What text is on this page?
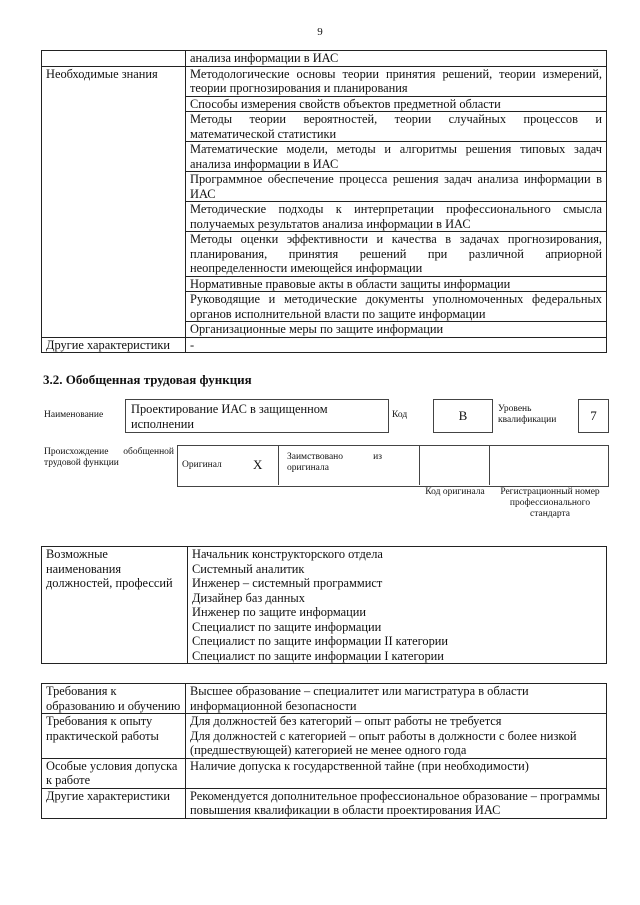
9
	анализа информации в ИАС
Необходимые знания	Методологические основы теории принятия решений, теории измерений, теории прогнозирования и планирования
	Способы измерения свойств объектов предметной области
	Методы теории вероятностей, теории случайных процессов и математической статистики
	Математические модели, методы и алгоритмы решения типовых задач анализа информации в ИАС
	Программное обеспечение процесса решения задач анализа информации в ИАС
	Методические подходы к интерпретации профессионального смысла получаемых результатов анализа информации в ИАС
	Методы оценки эффективности и качества в задачах прогнозирования, планирования, принятия решений при различной априорной неопределенности имеющейся информации
	Нормативные правовые акты в области защиты информации
	Руководящие и методические документы уполномоченных федеральных органов исполнительной власти по защите информации
	Организационные меры по защите информации
Другие характеристики	-
3.2. Обобщенная трудовая функция
Наименование	Проектирование ИАС в защищенном исполнении
Код	B	Уровень квалификации	7
Происхождение обобщенной трудовой функции	Оригинал X	Заимствовано из оригинала
Код оригинала	Регистрационный номер профессионального стандарта
Возможные наименования должностей, профессий	Начальник конструкторского отдела
Системный аналитик
Инженер – системный программист
Дизайнер баз данных
Инженер по защите информации
Специалист по защите информации
Специалист по защите информации II категории
Специалист по защите информации I категории
Требования к образованию и обучению	Высшее образование – специалитет или магистратура в области информационной безопасности
Требования к опыту практической работы	Для должностей без категорий – опыт работы не требуется
Для должностей с категорией – опыт работы в должности с более низкой (предшествующей) категорией не менее одного года
Особые условия допуска к работе	Наличие допуска к государственной тайне (при необходимости)
Другие характеристики	Рекомендуется дополнительное профессиональное образование – программы повышения квалификации в области проектирования ИАС
